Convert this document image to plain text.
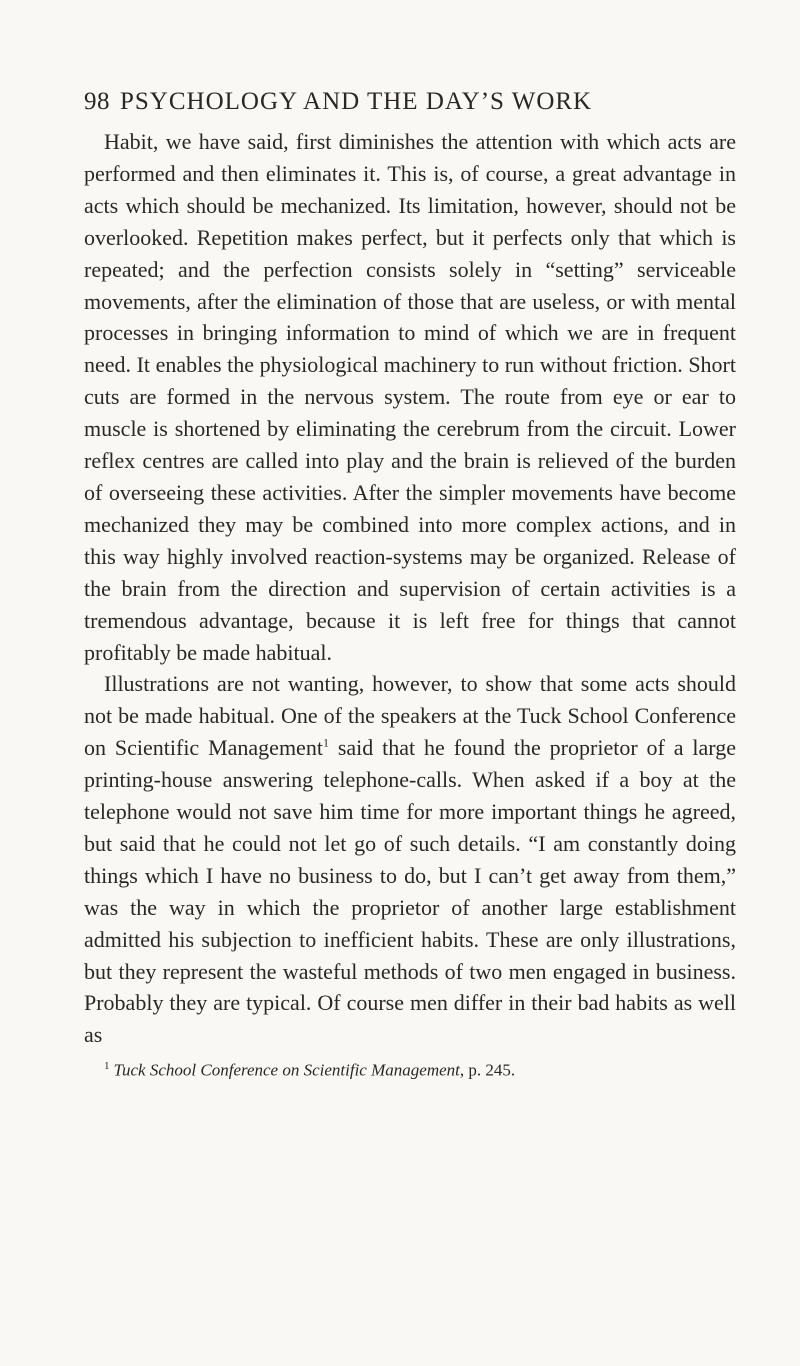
98 PSYCHOLOGY AND THE DAY’S WORK

Habit, we have said, first diminishes the attention with which acts are performed and then eliminates it. This is, of course, a great advantage in acts which should be mechanized. Its limitation, however, should not be overlooked. Repetition makes perfect, but it perfects only that which is repeated; and the perfection consists solely in “setting” serviceable movements, after the elimination of those that are useless, or with mental processes in bringing information to mind of which we are in frequent need. It enables the physiological machinery to run without friction. Short cuts are formed in the nervous system. The route from eye or ear to muscle is shortened by eliminating the cerebrum from the circuit. Lower reflex centres are called into play and the brain is relieved of the burden of overseeing these activities. After the simpler movements have become mechanized they may be combined into more complex actions, and in this way highly involved reaction-systems may be organized. Release of the brain from the direction and supervision of certain activities is a tremendous advantage, because it is left free for things that cannot profitably be made habitual.

Illustrations are not wanting, however, to show that some acts should not be made habitual. One of the speakers at the Tuck School Conference on Scientific Management$^1$ said that he found the proprietor of a large printing-house answering telephone-calls. When asked if a boy at the telephone would not save him time for more important things he agreed, but said that he could not let go of such details. “I am constantly doing things which I have no business to do, but I can’t get away from them,” was the way in which the proprietor of another large establishment admitted his subjection to inefficient habits. These are only illustrations, but they represent the wasteful methods of two men engaged in business. Probably they are typical. Of course men differ in their bad habits as well as

$^1$ Tuck School Conference on Scientific Management, p. 245.
